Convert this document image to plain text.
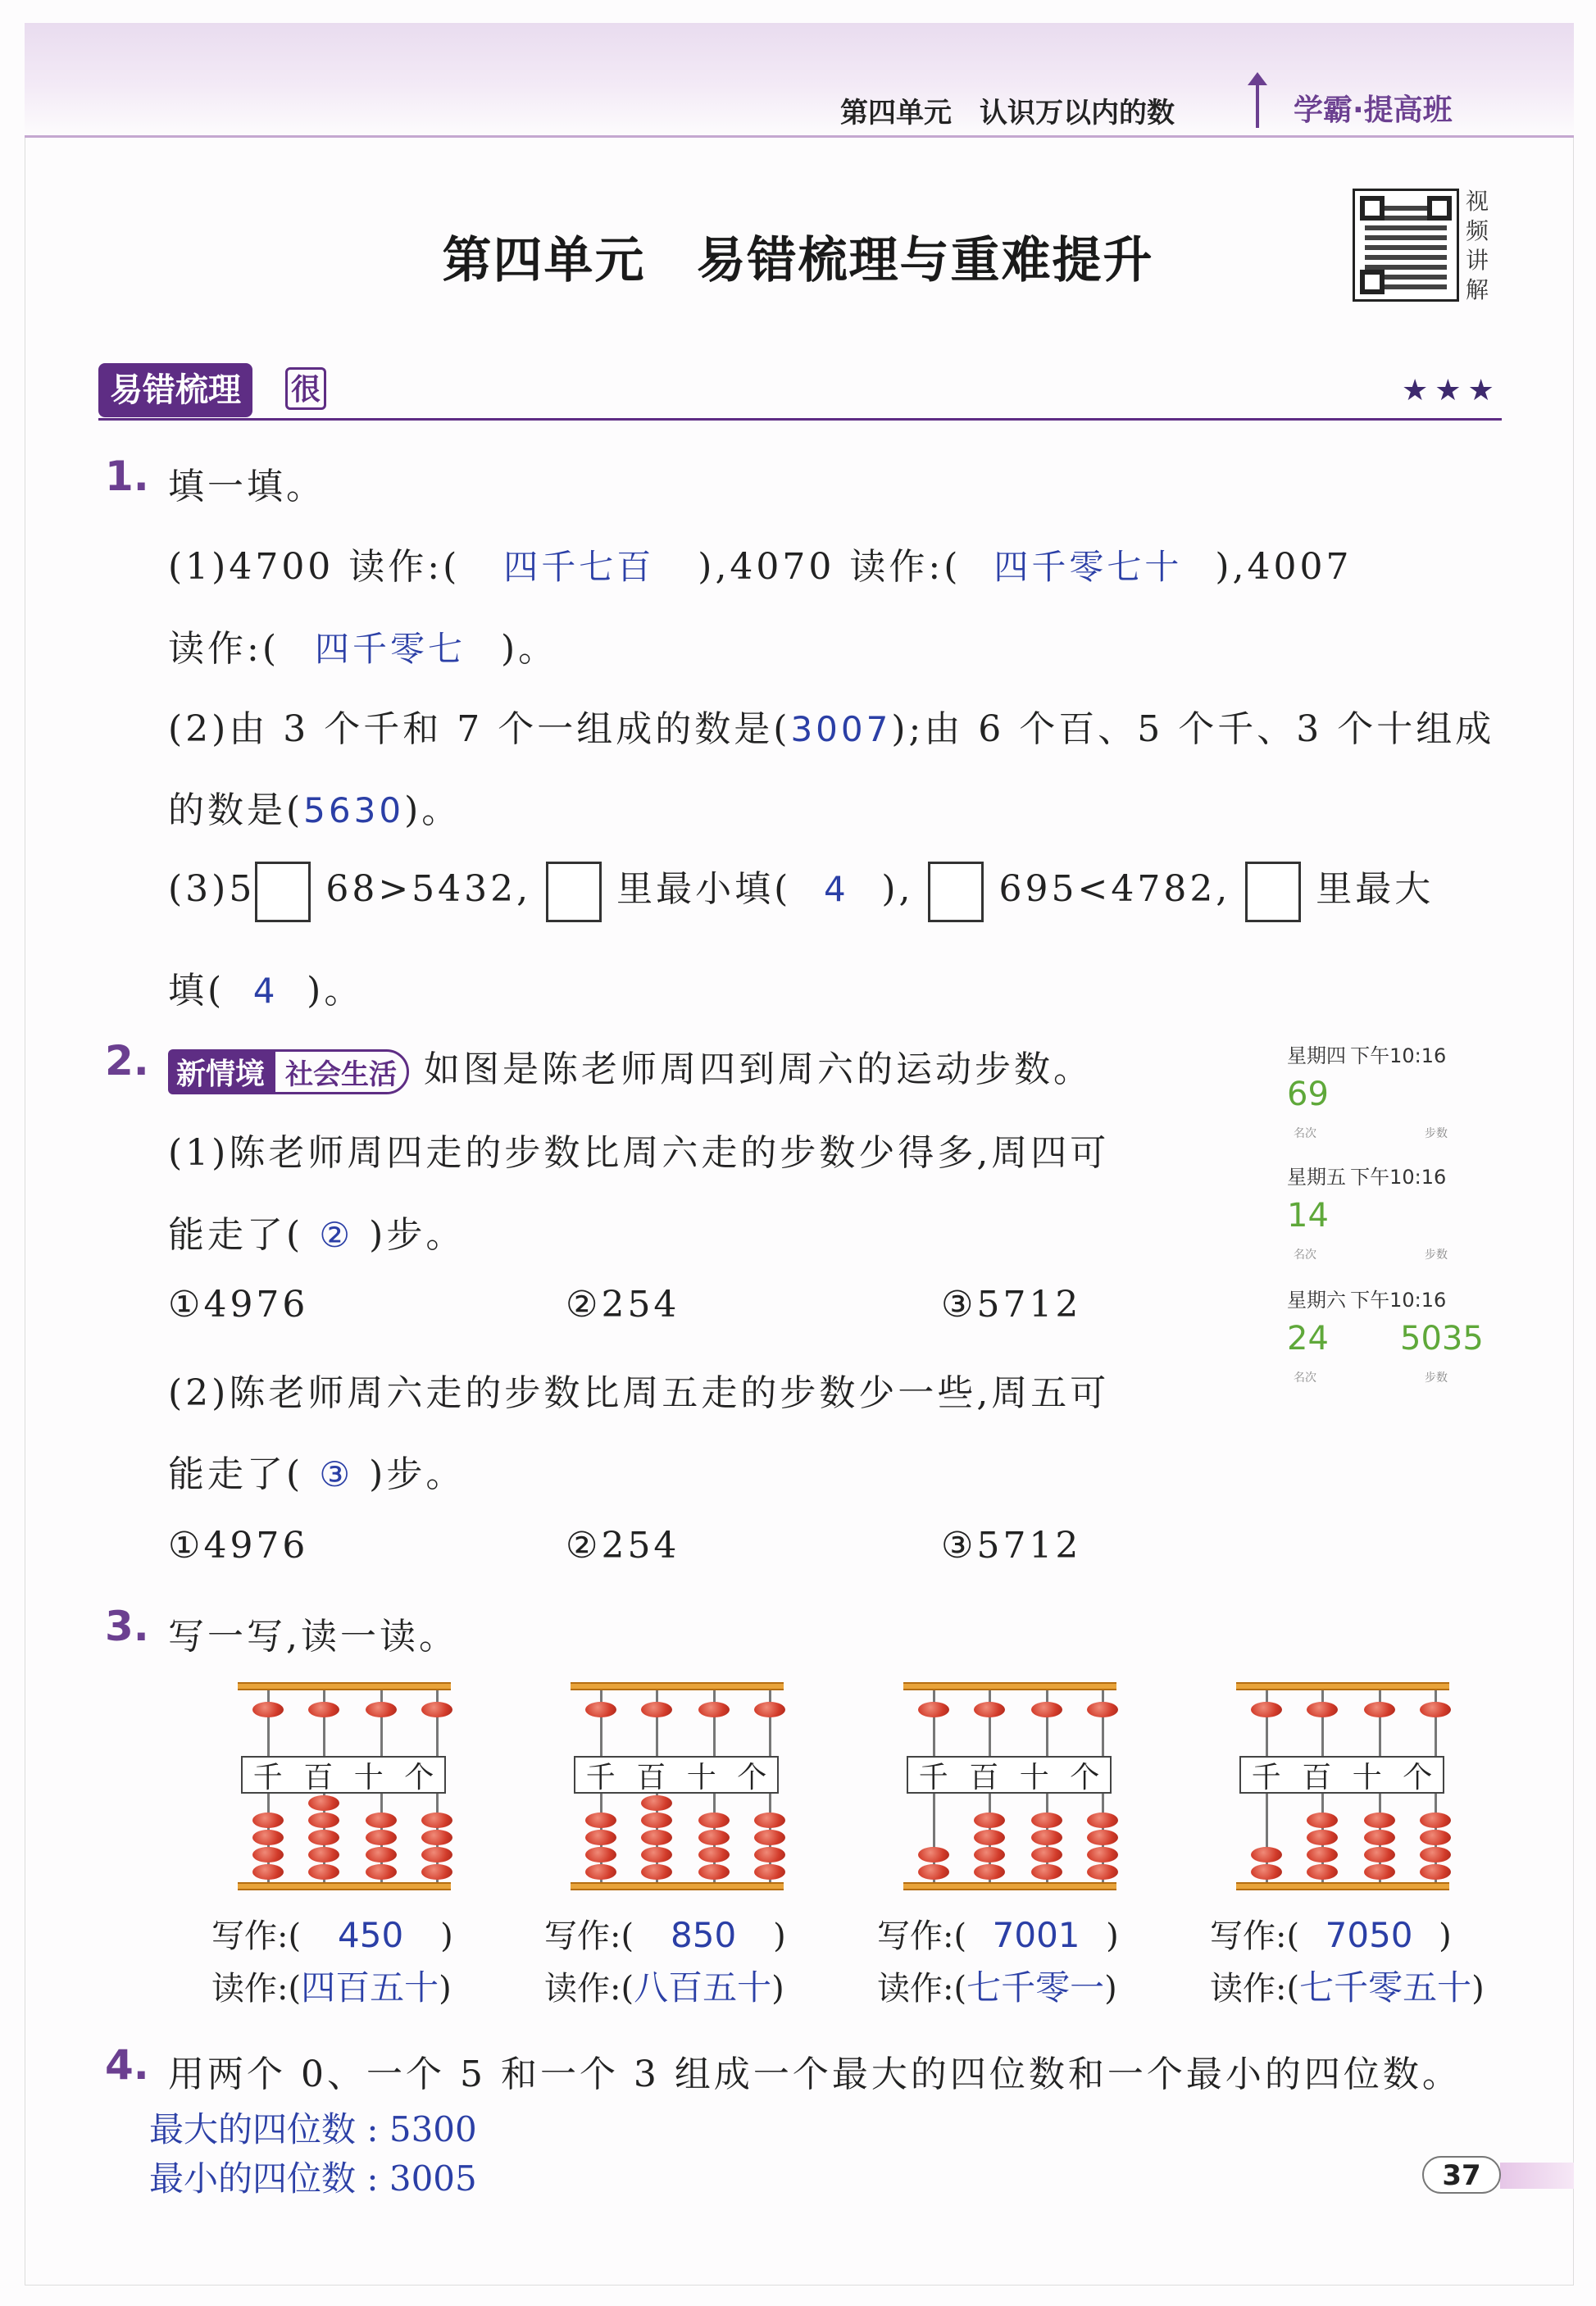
第四单元　认识万以内的数	学霸·提高班
第四单元　易错梳理与重难提升
视
频
讲
解
易错梳理	很	★★★
1. 填一填。
(1)4700 读作:( 四千七百 ),4070 读作:( 四千零七十 ),4007
读作:( 四千零七 )。
(2)由 3 个千和 7 个一组成的数是(3007);由 6 个百、5 个千、3 个十组成
的数是(5630)。
(3)5 68>5432, 里最小填( 4 ), 695<4782, 里最大
填( 4 )。
2. 新情境 社会生活 如图是陈老师周四到周六的运动步数。
(1)陈老师周四走的步数比周六走的步数少得多,周四可
能走了( ② )步。
①4976	②254	③5712
(2)陈老师周六走的步数比周五走的步数少一些,周五可
能走了( ③ )步。
①4976	②254	③5712
星期四 下午10:16
69
名次	步数
星期五 下午10:16
14
名次	步数
星期六 下午10:16
24 5035
名次	步数
3. 写一写,读一读。
千 百 十 个	千 百 十 个	千 百 十 个	千 百 十 个
4. 用两个 0、一个 5 和一个 3 组成一个最大的四位数和一个最小的四位数。
最大的四位数 : 5300
最小的四位数 : 3005	37
写作:( 450 )
读作:(四百五十)
写作:( 850 )
读作:(八百五十)
写作:( 7001 )
读作:(七千零一)
写作:( 7050 )
读作:(七千零五十)
